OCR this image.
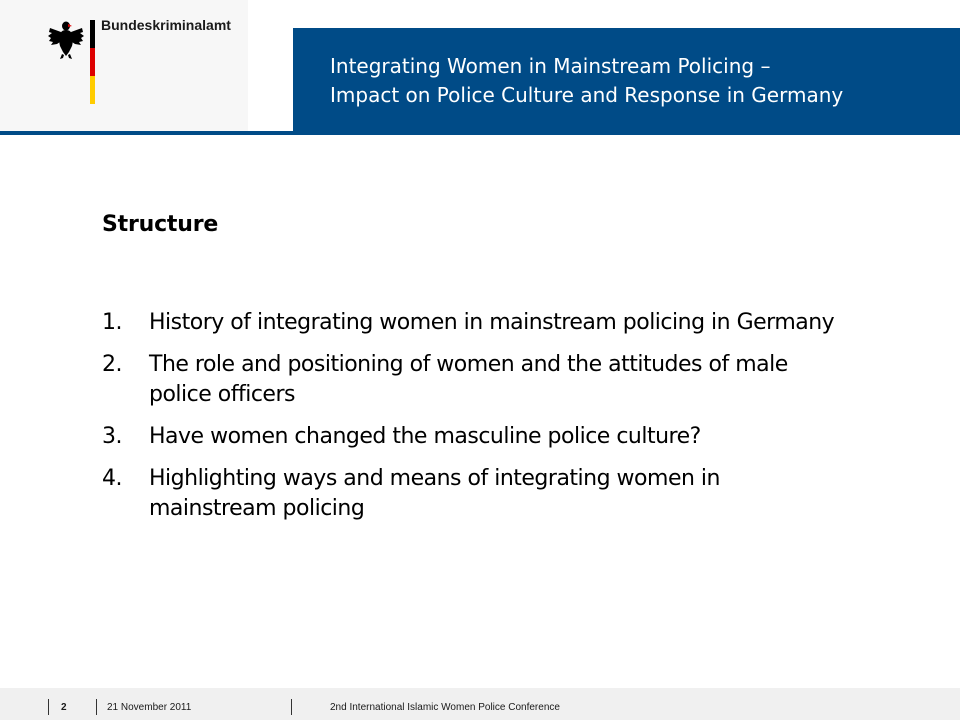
Bundeskriminalamt
Integrating Women in Mainstream Policing –
Impact on Police Culture and Response in Germany
Structure
1. History of integrating women in mainstream policing in Germany
2. The role and positioning of women and the attitudes of male police officers
3. Have women changed the masculine police culture?
4. Highlighting ways and means of integrating women in mainstream policing
2	21 November 2011	2nd International Islamic Women Police Conference
